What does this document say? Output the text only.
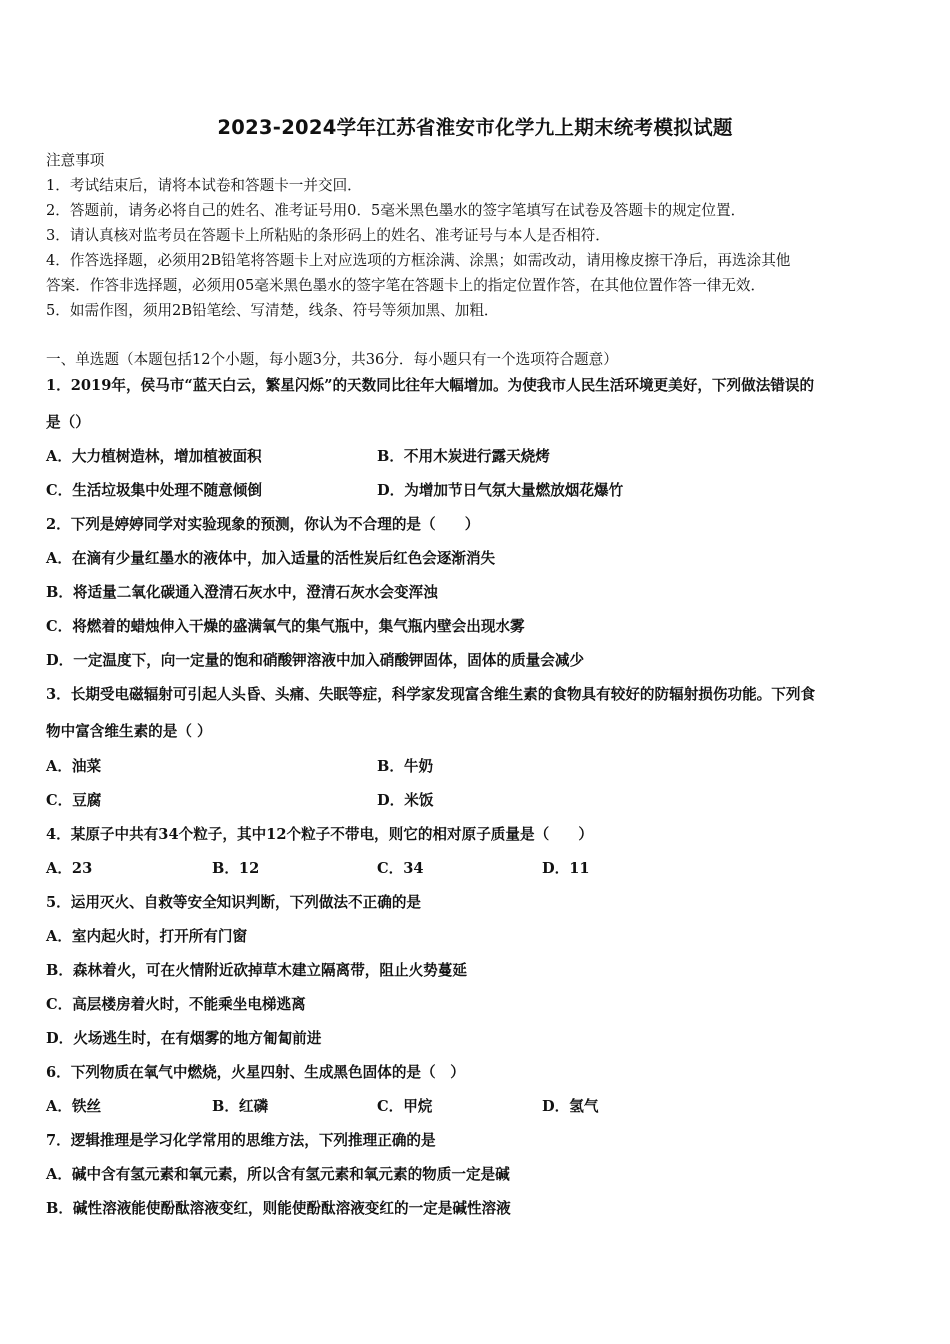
2023-2024学年江苏省淮安市化学九上期末统考模拟试题
注意事项
1．考试结束后，请将本试卷和答题卡一并交回．
2．答题前，请务必将自己的姓名、准考证号用0．5毫米黑色墨水的签字笔填写在试卷及答题卡的规定位置．
3．请认真核对监考员在答题卡上所粘贴的条形码上的姓名、准考证号与本人是否相符．
4．作答选择题，必须用2B铅笔将答题卡上对应选项的方框涂满、涂黑；如需改动，请用橡皮擦干净后，再选涂其他
答案．作答非选择题，必须用05毫米黑色墨水的签字笔在答题卡上的指定位置作答，在其他位置作答一律无效．
5．如需作图，须用2B铅笔绘、写清楚，线条、符号等须加黑、加粗．
一、单选题（本题包括12个小题，每小题3分，共36分．每小题只有一个选项符合题意）
1．2019年，侯马市“蓝天白云，繁星闪烁”的天数同比往年大幅增加。为使我市人民生活环境更美好，下列做法错误的
是（）
A．大力植树造林，增加植被面积	B．不用木炭进行露天烧烤
C．生活垃圾集中处理不随意倾倒	D．为增加节日气氛大量燃放烟花爆竹
2．下列是婷婷同学对实验现象的预测，你认为不合理的是（　　）
A．在滴有少量红墨水的液体中，加入适量的活性炭后红色会逐渐消失
B．将适量二氧化碳通入澄清石灰水中，澄清石灰水会变浑浊
C．将燃着的蜡烛伸入干燥的盛满氧气的集气瓶中，集气瓶内壁会出现水雾
D．一定温度下，向一定量的饱和硝酸钾溶液中加入硝酸钾固体，固体的质量会减少
3．长期受电磁辐射可引起人头昏、头痛、失眠等症，科学家发现富含维生素的食物具有较好的防辐射损伤功能。下列食
物中富含维生素的是（ ）
A．油菜	B．牛奶
C．豆腐	D．米饭
4．某原子中共有34个粒子，其中12个粒子不带电，则它的相对原子质量是（　　）
A．23	B．12	C．34	D．11
5．运用灭火、自救等安全知识判断，下列做法不正确的是
A．室内起火时，打开所有门窗
B．森林着火，可在火情附近砍掉草木建立隔离带，阻止火势蔓延
C．高层楼房着火时，不能乘坐电梯逃离
D．火场逃生时，在有烟雾的地方匍匐前进
6．下列物质在氧气中燃烧，火星四射、生成黑色固体的是（　）
A．铁丝	B．红磷	C．甲烷	D．氢气
7．逻辑推理是学习化学常用的思维方法，下列推理正确的是
A．碱中含有氢元素和氧元素，所以含有氢元素和氧元素的物质一定是碱
B．碱性溶液能使酚酞溶液变红，则能使酚酞溶液变红的一定是碱性溶液
